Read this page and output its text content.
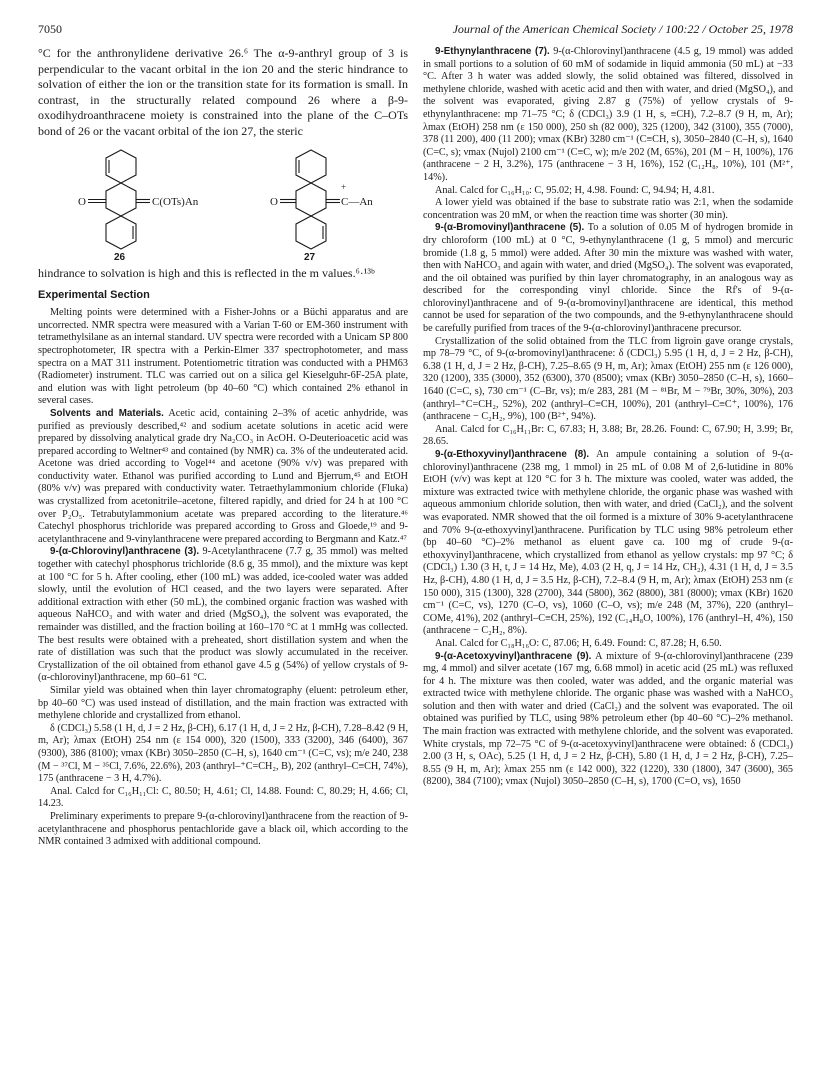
7050	Journal of the American Chemical Society / 100:22 / October 25, 1978

°C for the anthronylidene derivative 26.⁶ The α-9-anthryl group of 3 is perpendicular to the vacant orbital in the ion 20 and the steric hindrance to solvation of either the ion or the transition state for its formation is small. In contrast, in the structurally related compound 26 where a β-9-oxodihydroanthracene moiety is constrained into the plane of the C–OTs bond of 26 or the vacant orbital of the ion 27, the steric

O	C(OTs)An	O
+
C—An
26	27

hindrance to solvation is high and this is reflected in the m values.⁶·¹³ᵇ

Experimental Section

Melting points were determined with a Fisher-Johns or a Büchi apparatus and are uncorrected. NMR spectra were measured with a Varian T-60 or EM-360 instrument with tetramethylsilane as an internal standard. UV spectra were recorded with a Unicam SP 800 spectrophotometer, IR spectra with a Perkin-Elmer 337 spectrophotometer, and mass spectra on a MAT 311 instrument. Potentiometric titration was conducted with a PHM63 (Radiometer) instrument. TLC was carried out on a silica gel Kieselguhr-6F-25A plate, and elution was with light petroleum (bp 40–60 °C) which contained 2% ethanol in several cases.

Solvents and Materials. Acetic acid, containing 2–3% of acetic anhydride, was purified as previously described,⁴² and sodium acetate solutions in acetic acid were prepared by dissolving analytical grade dry Na₂CO₃ in AcOH. O-Deuterioacetic acid was prepared according to Weltner⁴³ and contained (by NMR) ca. 3% of the undeuterated acid. Acetone was dried according to Vogel⁴⁴ and acetone (90% v/v) was prepared with conductivity water. Ethanol was purified according to Lund and Bjerrum,⁴⁵ and EtOH (80% v/v) was prepared with conductivity water. Tetraethylammonium chloride (Fluka) was crystallized from acetonitrile–acetone, filtered rapidly, and dried for 24 h at 100 °C over P₂O₅. Tetrabutylammonium acetate was prepared according to the literature.⁴⁶ Catechyl phosphorus trichloride was prepared according to Gross and Gloede,¹⁹ and 9-acetylanthracene and 9-vinylanthracene were prepared according to Bergmann and Katz.⁴⁷

9-(α-Chlorovinyl)anthracene (3). 9-Acetylanthracene (7.7 g, 35 mmol) was melted together with catechyl phosphorus trichloride (8.6 g, 35 mmol), and the mixture was kept at 100 °C for 5 h. After cooling, ether (100 mL) was added, ice-cooled water was added slowly, until the evolution of HCl ceased, and the two layers were separated. After additional extraction with ether (50 mL), the combined organic fraction was washed with aqueous NaHCO₃ and with water and dried (MgSO₄), the solvent was evaporated, the remainder was distilled, and the fraction boiling at 160–170 °C at 1 mmHg was collected. The best results were obtained with a preheated, short distillation system and when the rate of distillation was such that the product was slowly accumulated in the receiver. Crystallization of the oil obtained from ethanol gave 4.5 g (54%) of yellow crystals of 9-(α-chlorovinyl)anthracene, mp 60–61 °C.

Similar yield was obtained when thin layer chromatography (eluent: petroleum ether, bp 40–60 °C) was used instead of distillation, and the main fraction was extracted with methylene chloride and crystallized from ethanol.

δ (CDCl₃) 5.58 (1 H, d, J = 2 Hz, β-CH), 6.17 (1 H, d, J = 2 Hz, β-CH), 7.28–8.42 (9 H, m, Ar); λmax (EtOH) 254 nm (ε 154 000), 320 (1500), 333 (3200), 346 (6400), 367 (9300), 386 (8100); νmax (KBr) 3050–2850 (C–H, s), 1640 cm⁻¹ (C=C, vs); m/e 240, 238 (M − ³⁷Cl, M − ³⁵Cl, 7.6%, 22.6%), 203 (anthryl–⁺C=CH₂, B), 202 (anthryl–C≡CH, 74%), 175 (anthracene − 3 H, 4.7%).

Anal. Calcd for C₁₆H₁₁Cl: C, 80.50; H, 4.61; Cl, 14.88. Found: C, 80.29; H, 4.66; Cl, 14.23.

Preliminary experiments to prepare 9-(α-chlorovinyl)anthracene from the reaction of 9-acetylanthracene and phosphorus pentachloride gave a black oil, which according to the NMR contained 3 admixed with additional compound.

9-Ethynylanthracene (7). 9-(α-Chlorovinyl)anthracene (4.5 g, 19 mmol) was added in small portions to a solution of 60 mM of sodamide in liquid ammonia (50 mL) at −33 °C. After 3 h water was added slowly, the solid obtained was filtered, dissolved in methylene chloride, washed with acetic acid and then with water, and dried (MgSO₄), and the solvent was evaporated, giving 2.87 g (75%) of yellow crystals of 9-ethynylanthracene: mp 71–75 °C; δ (CDCl₃) 3.9 (1 H, s, ≡CH), 7.2–8.7 (9 H, m, Ar); λmax (EtOH) 258 nm (ε 150 000), 250 sh (82 000), 325 (1200), 342 (3100), 355 (7000), 378 (11 200), 400 (11 200); νmax (KBr) 3280 cm⁻¹ (C≡CH, s), 3050–2840 (C–H, s), 1640 (C=C, s); νmax (Nujol) 2100 cm⁻¹ (C≡C, w); m/e 202 (M, 65%), 201 (M − H, 100%), 176 (anthracene − 2 H, 3.2%), 175 (anthracene − 3 H, 16%), 152 (C₁₂H₈, 10%), 101 (M²⁺, 14%).

Anal. Calcd for C₁₆H₁₀: C, 95.02; H, 4.98. Found: C, 94.94; H, 4.81.

A lower yield was obtained if the base to substrate ratio was 2:1, when the sodamide concentration was 20 mM, or when the reaction time was shorter (30 min).

9-(α-Bromovinyl)anthracene (5). To a solution of 0.05 M of hydrogen bromide in dry chloroform (100 mL) at 0 °C, 9-ethynylanthracene (1 g, 5 mmol) and mercuric bromide (1.8 g, 5 mmol) were added. After 30 min the mixture was washed with water, then with NaHCO₃ and again with water, and dried (MgSO₄). The solvent was evaporated, and the oil obtained was purified by thin layer chromatography, in an analogous way as described for the corresponding vinyl chloride. Since the Rf's of 9-(α-chlorovinyl)anthracene and of 9-(α-bromovinyl)anthracene are identical, this method cannot be used for separation of the two compounds, and the 9-ethynylanthracene should be carefully purified from traces of the 9-(α-chlorovinyl)anthracene precursor.

Crystallization of the solid obtained from the TLC from ligroin gave orange crystals, mp 78–79 °C, of 9-(α-bromovinyl)anthracene: δ (CDCl₃) 5.95 (1 H, d, J = 2 Hz, β-CH), 6.38 (1 H, d, J = 2 Hz, β-CH), 7.25–8.65 (9 H, m, Ar); λmax (EtOH) 255 nm (ε 126 000), 320 (1200), 335 (3000), 352 (6300), 370 (8500); νmax (KBr) 3050–2850 (C–H, s), 1660–1640 (C=C, s), 730 cm⁻¹ (C–Br, vs); m/e 283, 281 (M − ⁸¹Br, M − ⁷⁹Br, 30%, 30%), 203 (anthryl–⁺C=CH₂, 52%), 202 (anthryl–C≡CH, 100%), 201 (anthryl–C≡C⁺, 100%), 176 (anthracene − C₂H₂, 9%), 100 (B²⁺, 94%).

Anal. Calcd for C₁₆H₁₁Br: C, 67.83; H, 3.88; Br, 28.26. Found: C, 67.90; H, 3.99; Br, 28.65.

9-(α-Ethoxyvinyl)anthracene (8). An ampule containing a solution of 9-(α-chlorovinyl)anthracene (238 mg, 1 mmol) in 25 mL of 0.08 M of 2,6-lutidine in 80% EtOH (v/v) was kept at 120 °C for 3 h. The mixture was cooled, water was added, the mixture was extracted twice with methylene chloride, the organic phase was washed with aqueous ammonium chloride solution, then with water, and dried (CaCl₂), and the solvent was evaporated. NMR showed that the oil formed is a mixture of 30% 9-acetylanthracene and 70% 9-(α-ethoxyvinyl)anthracene. Purification by TLC using 98% petroleum ether (bp 40–60 °C)–2% methanol as eluent gave ca. 100 mg of crude 9-(α-ethoxyvinyl)anthracene, which crystallized from ethanol as yellow crystals: mp 97 °C; δ (CDCl₃) 1.30 (3 H, t, J = 14 Hz, Me), 4.03 (2 H, q, J = 14 Hz, CH₂), 4.31 (1 H, d, J = 3.5 Hz, β-CH), 4.80 (1 H, d, J = 3.5 Hz, β-CH), 7.2–8.4 (9 H, m, Ar); λmax (EtOH) 253 nm (ε 150 000), 315 (1300), 328 (2700), 344 (5800), 362 (8800), 381 (8000); νmax (KBr) 1620 cm⁻¹ (C=C, vs), 1270 (C–O, vs), 1060 (C–O, vs); m/e 248 (M, 37%), 220 (anthryl–COMe, 41%), 202 (anthryl–C≡CH, 25%), 192 (C₁₄H₈O, 100%), 176 (anthryl–H, 4%), 150 (anthracene − C₂H₂, 8%).

Anal. Calcd for C₁₈H₁₆O: C, 87.06; H, 6.49. Found: C, 87.28; H, 6.50.

9-(α-Acetoxyvinyl)anthracene (9). A mixture of 9-(α-chlorovinyl)anthracene (239 mg, 4 mmol) and silver acetate (167 mg, 6.68 mmol) in acetic acid (25 mL) was refluxed for 4 h. The mixture was then cooled, water was added, and the organic material was extracted twice with methylene chloride. The organic phase was washed with a NaHCO₃ solution and then with water and dried (CaCl₂) and the solvent was evaporated. The oil obtained was purified by TLC, using 98% petroleum ether (bp 40–60 °C)–2% methanol. The main fraction was extracted with methylene chloride, and the solvent was evaporated. White crystals, mp 72–75 °C of 9-(α-acetoxyvinyl)anthracene were obtained: δ (CDCl₃) 2.00 (3 H, s, OAc), 5.25 (1 H, d, J = 2 Hz, β-CH), 5.80 (1 H, d, J = 2 Hz, β-CH), 7.25–8.55 (9 H, m, Ar); λmax 255 nm (ε 142 000), 322 (1220), 330 (1800), 347 (3600), 365 (8200), 384 (7100); νmax (Nujol) 3050–2850 (C–H, s), 1700 (C=O, vs), 1650
